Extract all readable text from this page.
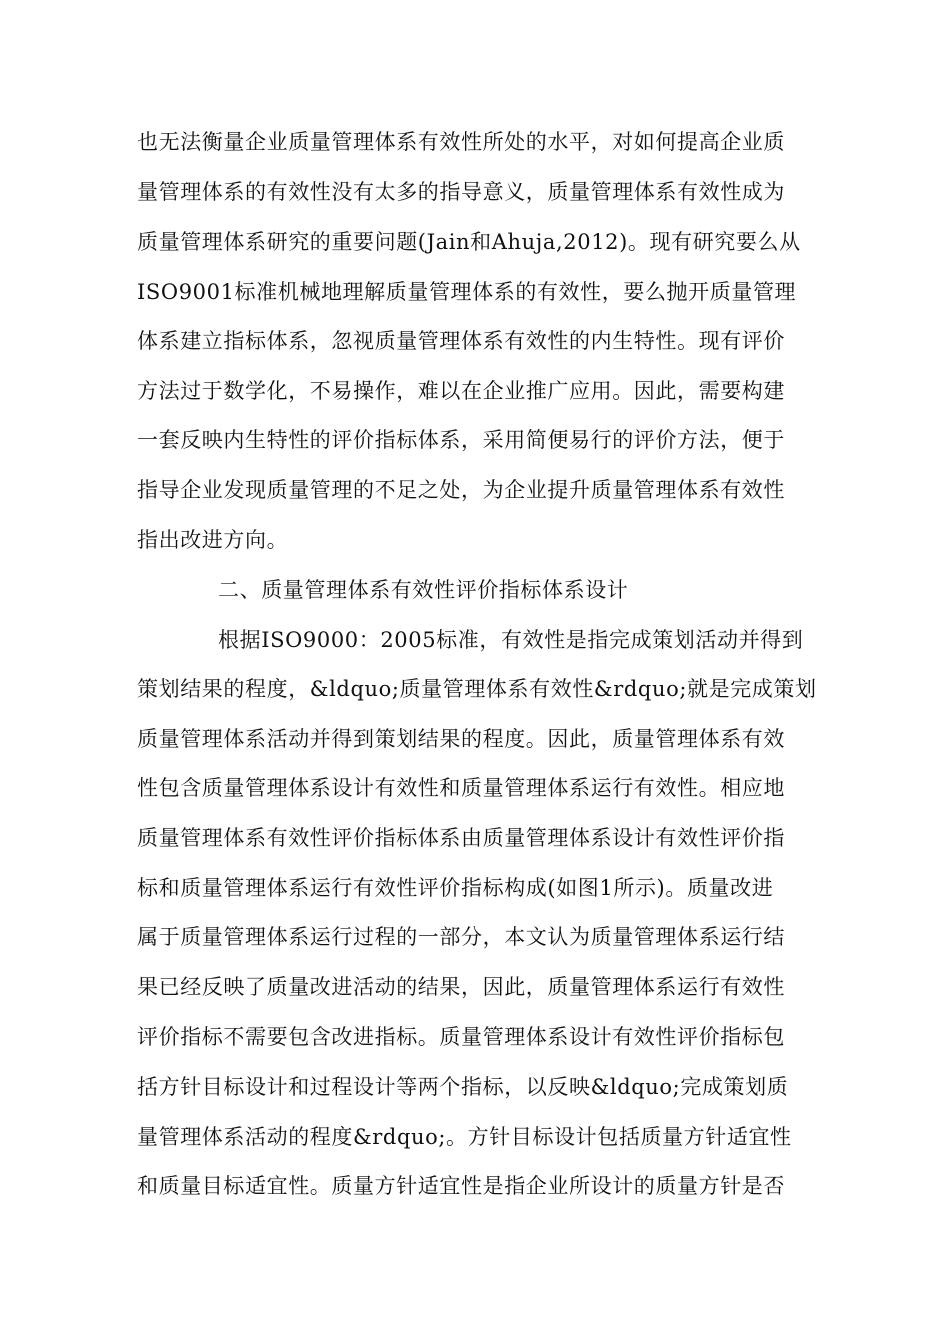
也无法衡量企业质量管理体系有效性所处的水平，对如何提高企业质
量管理体系的有效性没有太多的指导意义，质量管理体系有效性成为
质量管理体系研究的重要问题(Jain和Ahuja,2012)。现有研究要么从
ISO9001标准机械地理解质量管理体系的有效性，要么抛开质量管理
体系建立指标体系，忽视质量管理体系有效性的内生特性。现有评价
方法过于数学化，不易操作，难以在企业推广应用。因此，需要构建
一套反映内生特性的评价指标体系，采用简便易行的评价方法，便于
指导企业发现质量管理的不足之处，为企业提升质量管理体系有效性
指出改进方向。
二、质量管理体系有效性评价指标体系设计
根据ISO9000：2005标准，有效性是指完成策划活动并得到
策划结果的程度，&ldquo;质量管理体系有效性&rdquo;就是完成策划
质量管理体系活动并得到策划结果的程度。因此，质量管理体系有效
性包含质量管理体系设计有效性和质量管理体系运行有效性。相应地
质量管理体系有效性评价指标体系由质量管理体系设计有效性评价指
标和质量管理体系运行有效性评价指标构成(如图1所示)。质量改进
属于质量管理体系运行过程的一部分，本文认为质量管理体系运行结
果已经反映了质量改进活动的结果，因此，质量管理体系运行有效性
评价指标不需要包含改进指标。质量管理体系设计有效性评价指标包
括方针目标设计和过程设计等两个指标，以反映&ldquo;完成策划质
量管理体系活动的程度&rdquo;。方针目标设计包括质量方针适宜性
和质量目标适宜性。质量方针适宜性是指企业所设计的质量方针是否
